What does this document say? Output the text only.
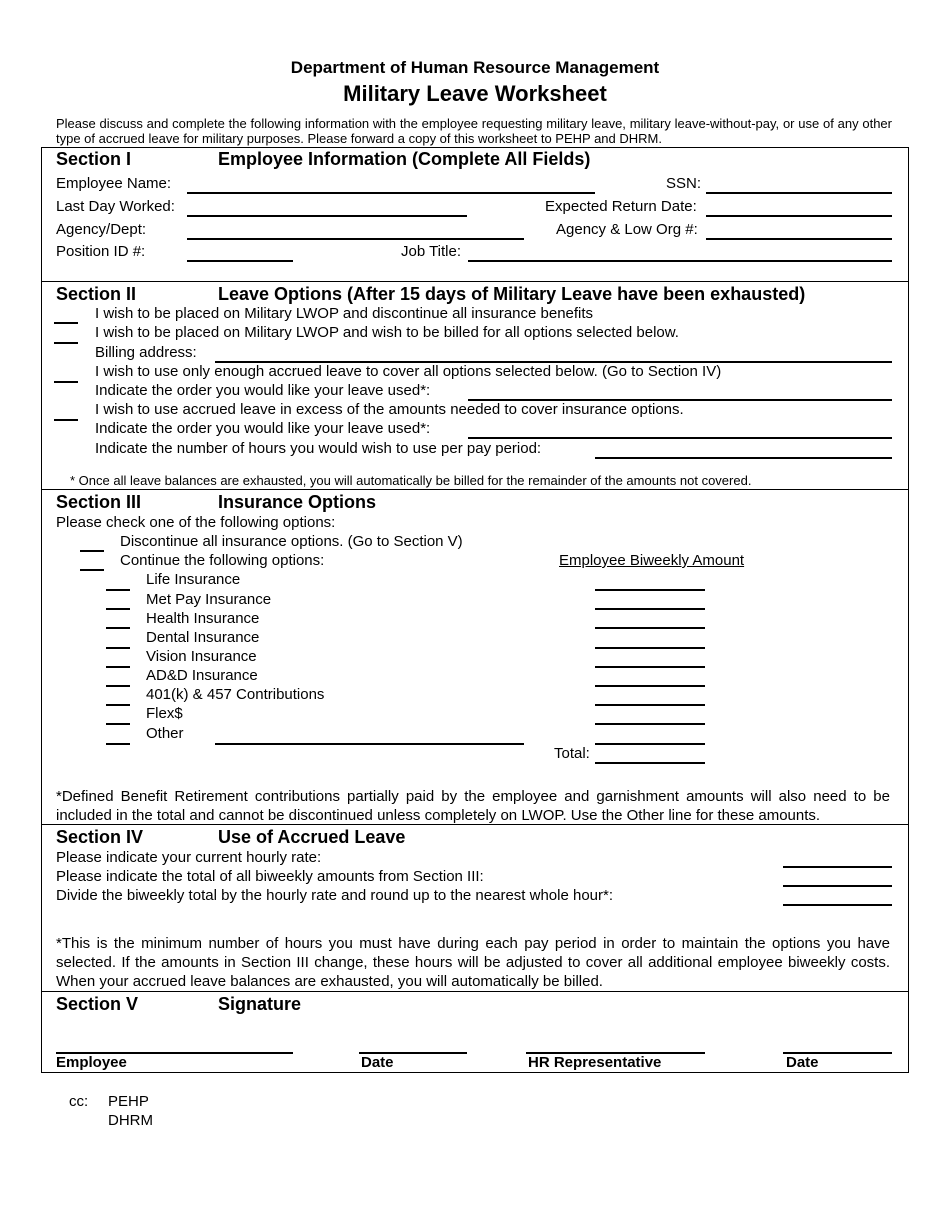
Department of Human Resource Management
Military Leave Worksheet
Please discuss and complete the following information with the employee requesting military leave, military leave-without-pay, or use of any other type of accrued leave for military purposes. Please forward a copy of this worksheet to PEHP and DHRM.
Section I	Employee Information (Complete All Fields)
Employee Name:	SSN:
Last Day Worked:	Expected Return Date:
Agency/Dept:	Agency & Low Org #:
Position ID #:	Job Title:
Section II	Leave Options (After 15 days of Military Leave have been exhausted)
I wish to be placed on Military LWOP and discontinue all insurance benefits
I wish to be placed on Military LWOP and wish to be billed for all options selected below.
Billing address:
I wish to use only enough accrued leave to cover all options selected below. (Go to Section IV)
Indicate the order you would like your leave used*:
I wish to use accrued leave in excess of the amounts needed to cover insurance options.
Indicate the order you would like your leave used*:
Indicate the number of hours you would wish to use per pay period:
* Once all leave balances are exhausted, you will automatically be billed for the remainder of the amounts not covered.
Section III	Insurance Options
Please check one of the following options:
Discontinue all insurance options. (Go to Section V)
Continue the following options:	Employee Biweekly Amount
Life Insurance
Met Pay Insurance
Health Insurance
Dental Insurance
Vision Insurance
AD&D Insurance
401(k) & 457 Contributions
Flex$
Other
Total:
*Defined Benefit Retirement contributions partially paid by the employee and garnishment amounts will also need to be included in the total and cannot be discontinued unless completely on LWOP. Use the Other line for these amounts.
Section IV	Use of Accrued Leave
Please indicate your current hourly rate:
Please indicate the total of all biweekly amounts from Section III:
Divide the biweekly total by the hourly rate and round up to the nearest whole hour*:
*This is the minimum number of hours you must have during each pay period in order to maintain the options you have selected. If the amounts in Section III change, these hours will be adjusted to cover all additional employee biweekly costs. When your accrued leave balances are exhausted, you will automatically be billed.
Section V	Signature
Employee	Date	HR Representative	Date
cc: PEHP
DHRM
